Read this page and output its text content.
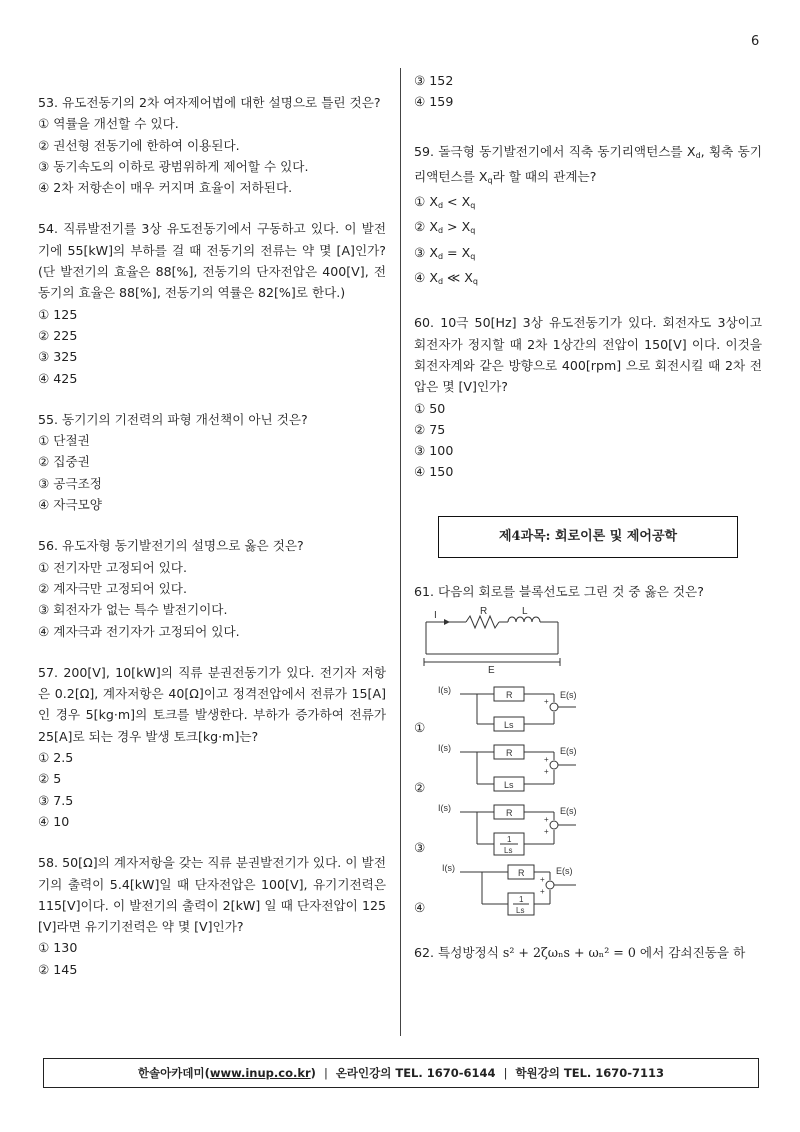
6
53. 유도전동기의 2차 여자제어법에 대한 설명으로 틀린 것은?
① 역률을 개선할 수 있다.
② 권선형 전동기에 한하여 이용된다.
③ 동기속도의 이하로 광범위하게 제어할 수 있다.
④ 2차 저항손이 매우 커지며 효율이 저하된다.
54. 직류발전기를 3상 유도전동기에서 구동하고 있다. 이 발전기에 55[kW]의 부하를 걸 때 전동기의 전류는 약 몇 [A]인가? (단 발전기의 효율은 88[%], 전동기의 단자전압은 400[V], 전동기의 효율은 88[%], 전동기의 역률은 82[%]로 한다.)
① 125
② 225
③ 325
④ 425
55. 동기기의 기전력의 파형 개선책이 아닌 것은?
① 단절권
② 집중권
③ 공극조정
④ 자극모양
56. 유도자형 동기발전기의 설명으로 옳은 것은?
① 전기자만 고정되어 있다.
② 계자극만 고정되어 있다.
③ 회전자가 없는 특수 발전기이다.
④ 계자극과 전기자가 고정되어 있다.
57. 200[V], 10[kW]의 직류 분권전동기가 있다. 전기자 저항은 0.2[Ω], 계자저항은 40[Ω]이고 정격전압에서 전류가 15[A]인 경우 5[kg·m]의 토크를 발생한다. 부하가 증가하여 전류가 25[A]로 되는 경우 발생 토크[kg·m]는?
① 2.5
② 5
③ 7.5
④ 10
58. 50[Ω]의 계자저항을 갖는 직류 분권발전기가 있다. 이 발전기의 출력이 5.4[kW]일 때 단자전압은 100[V], 유기기전력은 115[V]이다. 이 발전기의 출력이 2[kW] 일 때 단자전압이 125[V]라면 유기기전력은 약 몇 [V]인가?
① 130
② 145
③ 152
④ 159
59. 돌극형 동기발전기에서 직축 동기리액턴스를 $X_d$, 횡축 동기리액턴스를 $X_q$라 할 때의 관계는?
① $X_d < X_q$
② $X_d > X_q$
③ $X_d = X_q$
④ $X_d$ ≪ $X_q$
60. 10극 50[Hz] 3상 유도전동기가 있다. 회전자도 3상이고 회전자가 정지할 때 2차 1상간의 전압이 150[V] 이다. 이것을 회전자계와 같은 방향으로 400[rpm] 으로 회전시킬 때 2차 전압은 몇 [V]인가?
① 50
② 75
③ 100
④ 150
제4과목: 회로이론 및 제어공학
61. 다음의 회로를 블록선도로 그린 것 중 옳은 것은?
I	R	L
E
①
I(s)	R
Ls
+
E(s)
②
I(s)	R
Ls
+
+
E(s)
③
I(s)	R
1
Ls
+
+
E(s)
④
I(s)	R
1
Ls
+
+
E(s)
62. 특성방정식 s² + 2ζωₙs + ωₙ² = 0 에서 감쇠진동을 하
한솔아카데미( www.inup.co.kr ) | 온라인강의 TEL. 1670-6144 | 학원강의 TEL. 1670-7113
